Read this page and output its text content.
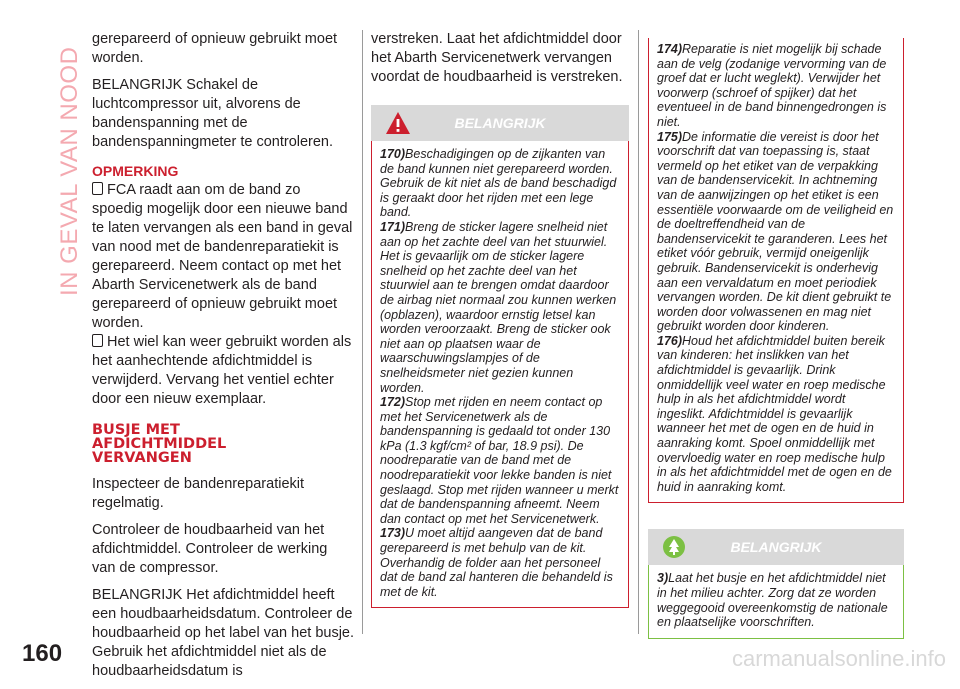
IN GEVAL VAN NOOD

gerepareerd of opnieuw gebruikt moet worden.

BELANGRIJK Schakel de luchtcompressor uit, alvorens de bandenspanning met de bandenspanningmeter te controleren.

OPMERKING

FCA raadt aan om de band zo spoedig mogelijk door een nieuwe band te laten vervangen als een band in geval van nood met de bandenreparatiekit is gerepareerd. Neem contact op met het Abarth Servicenetwerk als de band gerepareerd of opnieuw gebruikt moet worden.

Het wiel kan weer gebruikt worden als het aanhechtende afdichtmiddel is verwijderd. Vervang het ventiel echter door een nieuw exemplaar.

BUSJE MET
AFDICHTMIDDEL
VERVANGEN

Inspecteer de bandenreparatiekit regelmatig.

Controleer de houdbaarheid van het afdichtmiddel. Controleer de werking van de compressor.

BELANGRIJK Het afdichtmiddel heeft een houdbaarheidsdatum. Controleer de houdbaarheid op het label van het busje. Gebruik het afdichtmiddel niet als de houdbaarheidsdatum is

verstreken. Laat het afdichtmiddel door het Abarth Servicenetwerk vervangen voordat de houdbaarheid is verstreken.

BELANGRIJK

170)Beschadigingen op de zijkanten van de band kunnen niet gerepareerd worden. Gebruik de kit niet als de band beschadigd is geraakt door het rijden met een lege band.

171)Breng de sticker lagere snelheid niet aan op het zachte deel van het stuurwiel. Het is gevaarlijk om de sticker lagere snelheid op het zachte deel van het stuurwiel aan te brengen omdat daardoor de airbag niet normaal zou kunnen werken (opblazen), waardoor ernstig letsel kan worden veroorzaakt. Breng de sticker ook niet aan op plaatsen waar de waarschuwingslampjes of de snelheidsmeter niet gezien kunnen worden.

172)Stop met rijden en neem contact op met het Servicenetwerk als de bandenspanning is gedaald tot onder 130 kPa (1.3 kgf/cm² of bar, 18.9 psi). De noodreparatie van de band met de noodreparatiekit voor lekke banden is niet geslaagd. Stop met rijden wanneer u merkt dat de bandenspanning afneemt. Neem dan contact op met het Servicenetwerk.

173)U moet altijd aangeven dat de band gerepareerd is met behulp van de kit. Overhandig de folder aan het personeel dat de band zal hanteren die behandeld is met de kit.

174)Reparatie is niet mogelijk bij schade aan de velg (zodanige vervorming van de groef dat er lucht weglekt). Verwijder het voorwerp (schroef of spijker) dat het eventueel in de band binnengedrongen is niet.

175)De informatie die vereist is door het voorschrift dat van toepassing is, staat vermeld op het etiket van de verpakking van de bandenservicekit. In achtneming van de aanwijzingen op het etiket is een essentiële voorwaarde om de veiligheid en de doeltreffendheid van de bandenservicekit te garanderen. Lees het etiket vóór gebruik, vermijd oneigenlijk gebruik. Bandenservicekit is onderhevig aan een vervaldatum en moet periodiek vervangen worden. De kit dient gebruikt te worden door volwassenen en mag niet gebruikt worden door kinderen.

176)Houd het afdichtmiddel buiten bereik van kinderen: het inslikken van het afdichtmiddel is gevaarlijk. Drink onmiddellijk veel water en roep medische hulp in als het afdichtmiddel wordt ingeslikt. Afdichtmiddel is gevaarlijk wanneer het met de ogen en de huid in aanraking komt. Spoel onmiddellijk met overvloedig water en roep medische hulp in als het afdichtmiddel met de ogen en de huid in aanraking komt.

BELANGRIJK

3)Laat het busje en het afdichtmiddel niet in het milieu achter. Zorg dat ze worden weggegooid overeenkomstig de nationale en plaatselijke voorschriften.

160	carmanualsonline.info
